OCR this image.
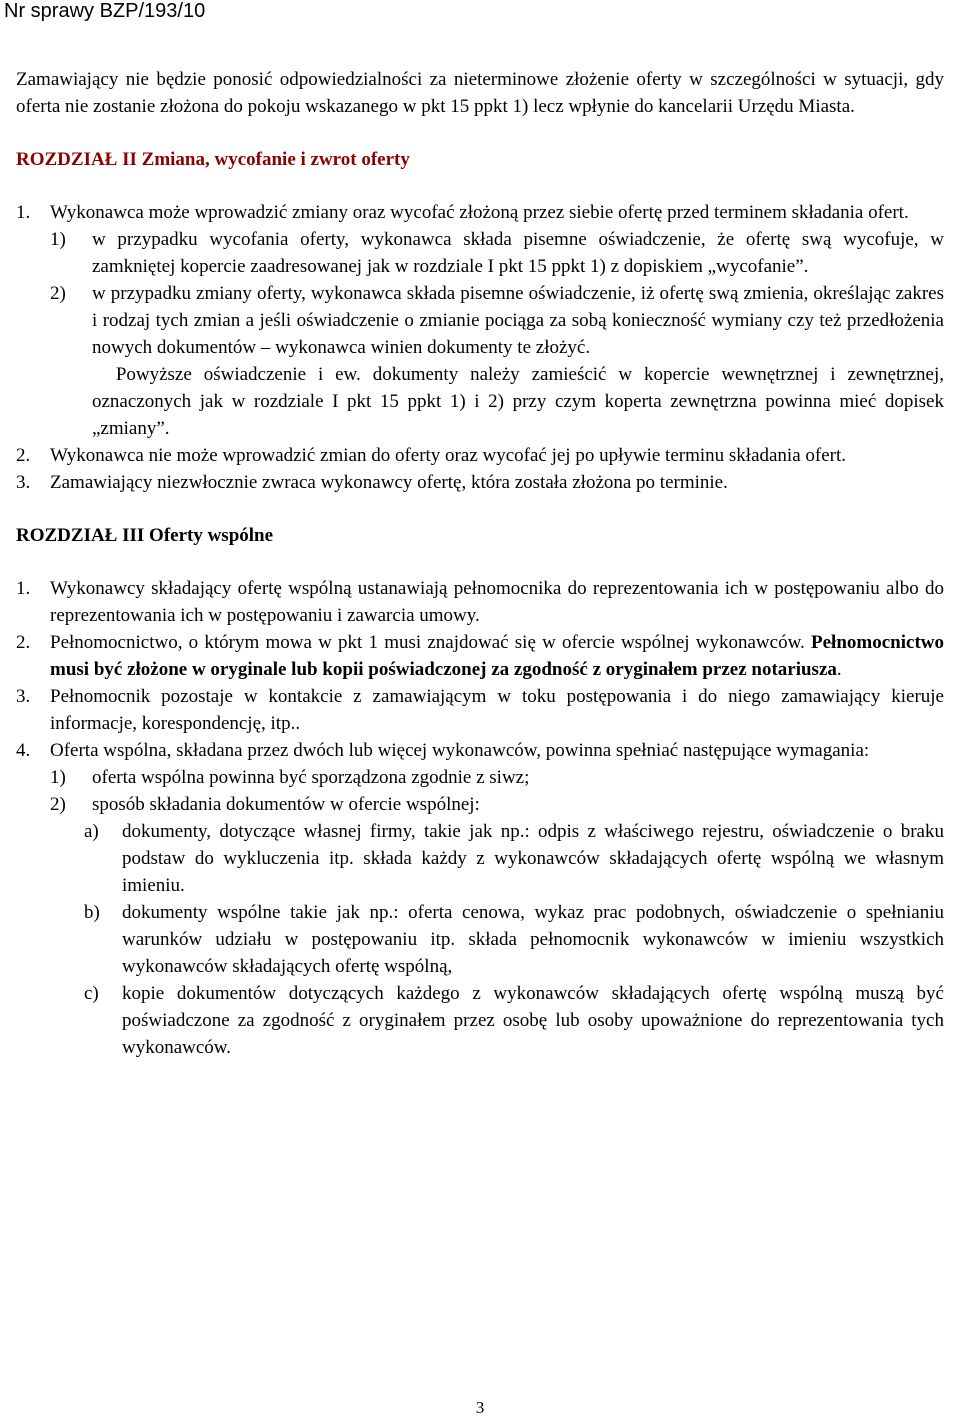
Nr sprawy BZP/193/10

Zamawiający nie będzie ponosić odpowiedzialności za nieterminowe złożenie oferty w szczególności w sytuacji, gdy oferta nie zostanie złożona do pokoju wskazanego w pkt 15 ppkt 1) lecz wpłynie do kancelarii Urzędu Miasta.

ROZDZIAŁ II Zmiana, wycofanie i zwrot oferty

1. Wykonawca może wprowadzić zmiany oraz wycofać złożoną przez siebie ofertę przed terminem składania ofert.
1) w przypadku wycofania oferty, wykonawca składa pisemne oświadczenie, że ofertę swą wycofuje, w zamkniętej kopercie zaadresowanej jak w rozdziale I pkt 15 ppkt 1) z dopiskiem „wycofanie”.
2) w przypadku zmiany oferty, wykonawca składa pisemne oświadczenie, iż ofertę swą zmienia, określając zakres i rodzaj tych zmian a jeśli oświadczenie o zmianie pociąga za sobą konieczność wymiany czy też przedłożenia nowych dokumentów – wykonawca winien dokumenty te złożyć.

Powyższe oświadczenie i ew. dokumenty należy zamieścić w kopercie wewnętrznej i zewnętrznej, oznaczonych jak w rozdziale I pkt 15 ppkt 1) i 2) przy czym koperta zewnętrzna powinna mieć dopisek „zmiany”.

2. Wykonawca nie może wprowadzić zmian do oferty oraz wycofać jej po upływie terminu składania ofert.
3. Zamawiający niezwłocznie zwraca wykonawcy ofertę, która została złożona po terminie.

ROZDZIAŁ III Oferty wspólne

1. Wykonawcy składający ofertę wspólną ustanawiają pełnomocnika do reprezentowania ich w postępowaniu albo do reprezentowania ich w postępowaniu i zawarcia umowy.
2. Pełnomocnictwo, o którym mowa w pkt 1 musi znajdować się w ofercie wspólnej wykonawców. Pełnomocnictwo musi być złożone w oryginale lub kopii poświadczonej za zgodność z oryginałem przez notariusza.
3. Pełnomocnik pozostaje w kontakcie z zamawiającym w toku postępowania i do niego zamawiający kieruje informacje, korespondencję, itp..
4. Oferta wspólna, składana przez dwóch lub więcej wykonawców, powinna spełniać następujące wymagania:
1) oferta wspólna powinna być sporządzona zgodnie z siwz;
2) sposób składania dokumentów w ofercie wspólnej:
a) dokumenty, dotyczące własnej firmy, takie jak np.: odpis z właściwego rejestru, oświadczenie o braku podstaw do wykluczenia itp. składa każdy z wykonawców składających ofertę wspólną we własnym imieniu.
b) dokumenty wspólne takie jak np.: oferta cenowa, wykaz prac podobnych, oświadczenie o spełnianiu warunków udziału w postępowaniu itp. składa pełnomocnik wykonawców w imieniu wszystkich wykonawców składających ofertę wspólną,
c) kopie dokumentów dotyczących każdego z wykonawców składających ofertę wspólną muszą być poświadczone za zgodność z oryginałem przez osobę lub osoby upoważnione do reprezentowania tych wykonawców.
3
